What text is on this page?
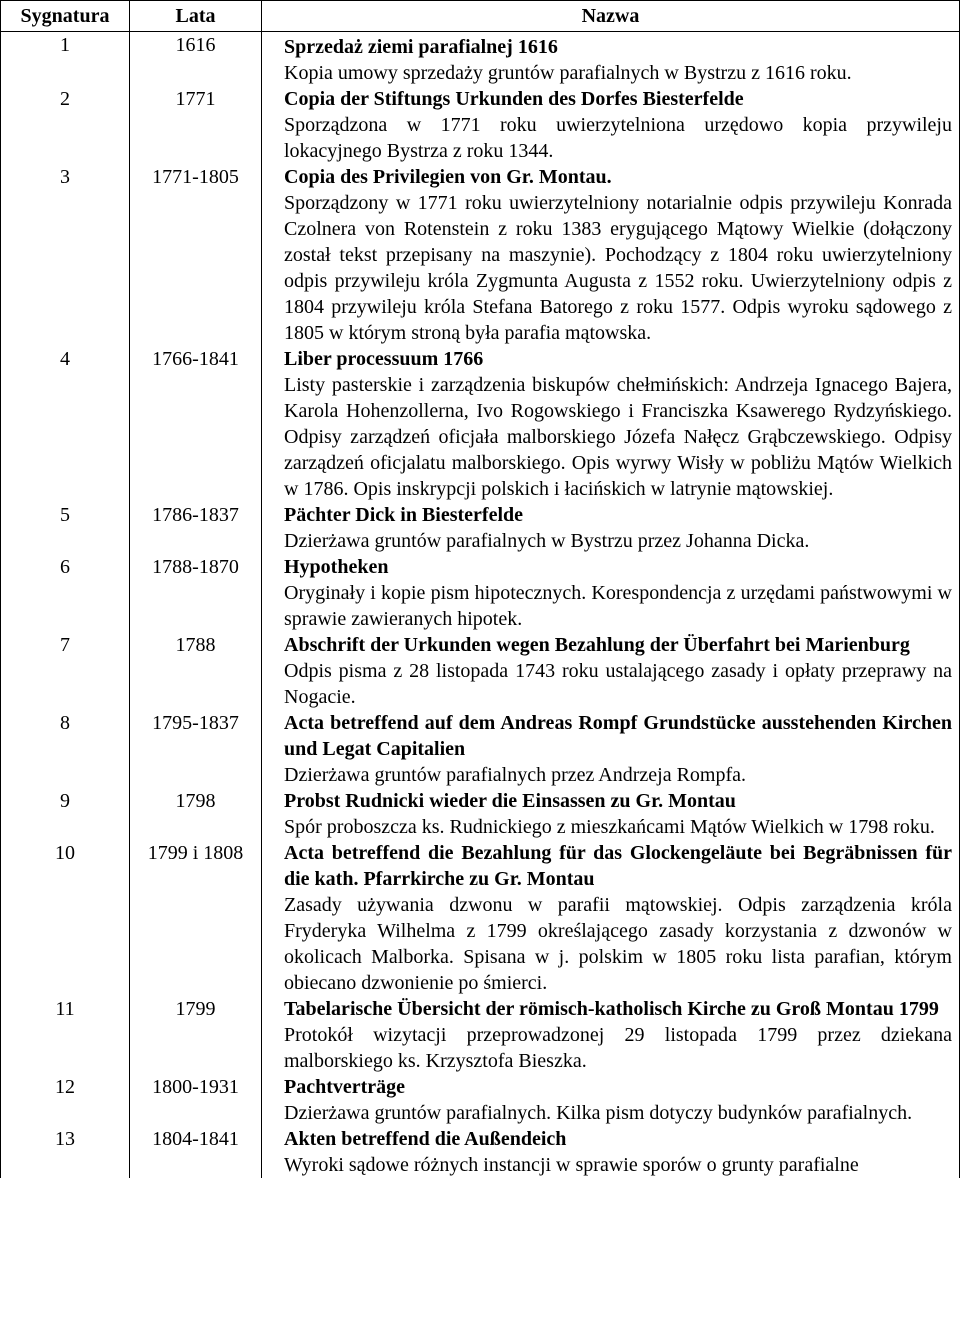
Sygnatura	Lata	Nazwa
1	1616	Sprzedaż ziemi parafialnej 1616
Kopia umowy sprzedaży gruntów parafialnych w Bystrzu z 1616 roku.
2	1771	Copia der Stiftungs Urkunden des Dorfes Biesterfelde
Sporządzona w 1771 roku uwierzytelniona urzędowo kopia przywileju lokacyjnego Bystrza z roku 1344.
3	1771-1805	Copia des Privilegien von Gr. Montau.
Sporządzony w 1771 roku uwierzytelniony notarialnie odpis przywileju Konrada Czolnera von Rotenstein z roku 1383 erygującego Mątowy Wielkie (dołączony został tekst przepisany na maszynie). Pochodzący z 1804 roku uwierzytelniony odpis przywileju króla Zygmunta Augusta z 1552 roku. Uwierzytelniony odpis z 1804 przywileju króla Stefana Batorego z roku 1577. Odpis wyroku sądowego z 1805 w którym stroną była parafia mątowska.
4	1766-1841	Liber processuum 1766
Listy pasterskie i zarządzenia biskupów chełmińskich: Andrzeja Ignacego Bajera, Karola Hohenzollerna, Ivo Rogowskiego i Franciszka Ksawerego Rydzyńskiego. Odpisy zarządzeń oficjała malborskiego Józefa Nałęcz Grąbczewskiego. Odpisy zarządzeń oficjalatu malborskiego. Opis wyrwy Wisły w pobliżu Mątów Wielkich w 1786. Opis inskrypcji polskich i łacińskich w latrynie mątowskiej.
5	1786-1837	Pächter Dick in Biesterfelde
Dzierżawa gruntów parafialnych w Bystrzu przez Johanna Dicka.
6	1788-1870	Hypotheken
Oryginały i kopie pism hipotecznych. Korespondencja z urzędami państwowymi w sprawie zawieranych hipotek.
7	1788	Abschrift der Urkunden wegen Bezahlung der Überfahrt bei Marienburg
Odpis pisma z 28 listopada 1743 roku ustalającego zasady i opłaty przeprawy na Nogacie.
8	1795-1837	Acta betreffend auf dem Andreas Rompf Grundstücke ausstehenden Kirchen und Legat Capitalien
Dzierżawa gruntów parafialnych przez Andrzeja Rompfa.
9	1798	Probst Rudnicki wieder die Einsassen zu Gr. Montau
Spór proboszcza ks. Rudnickiego z mieszkańcami Mątów Wielkich w 1798 roku.
10	1799 i 1808	Acta betreffend die Bezahlung für das Glockengeläute bei Begräbnissen für die kath. Pfarrkirche zu Gr. Montau
Zasady używania dzwonu w parafii mątowskiej. Odpis zarządzenia króla Fryderyka Wilhelma z 1799 określającego zasady korzystania z dzwonów w okolicach Malborka. Spisana w j. polskim w 1805 roku lista parafian, którym obiecano dzwonienie po śmierci.
11	1799	Tabelarische Übersicht der römisch-katholisch Kirche zu Groß Montau 1799
Protokół wizytacji przeprowadzonej 29 listopada 1799 przez dziekana malborskiego ks. Krzysztofa Bieszka.
12	1800-1931	Pachtverträge
Dzierżawa gruntów parafialnych. Kilka pism dotyczy budynków parafialnych.
13	1804-1841	Akten betreffend die Außendeich
Wyroki sądowe różnych instancji w sprawie sporów o grunty parafialne
